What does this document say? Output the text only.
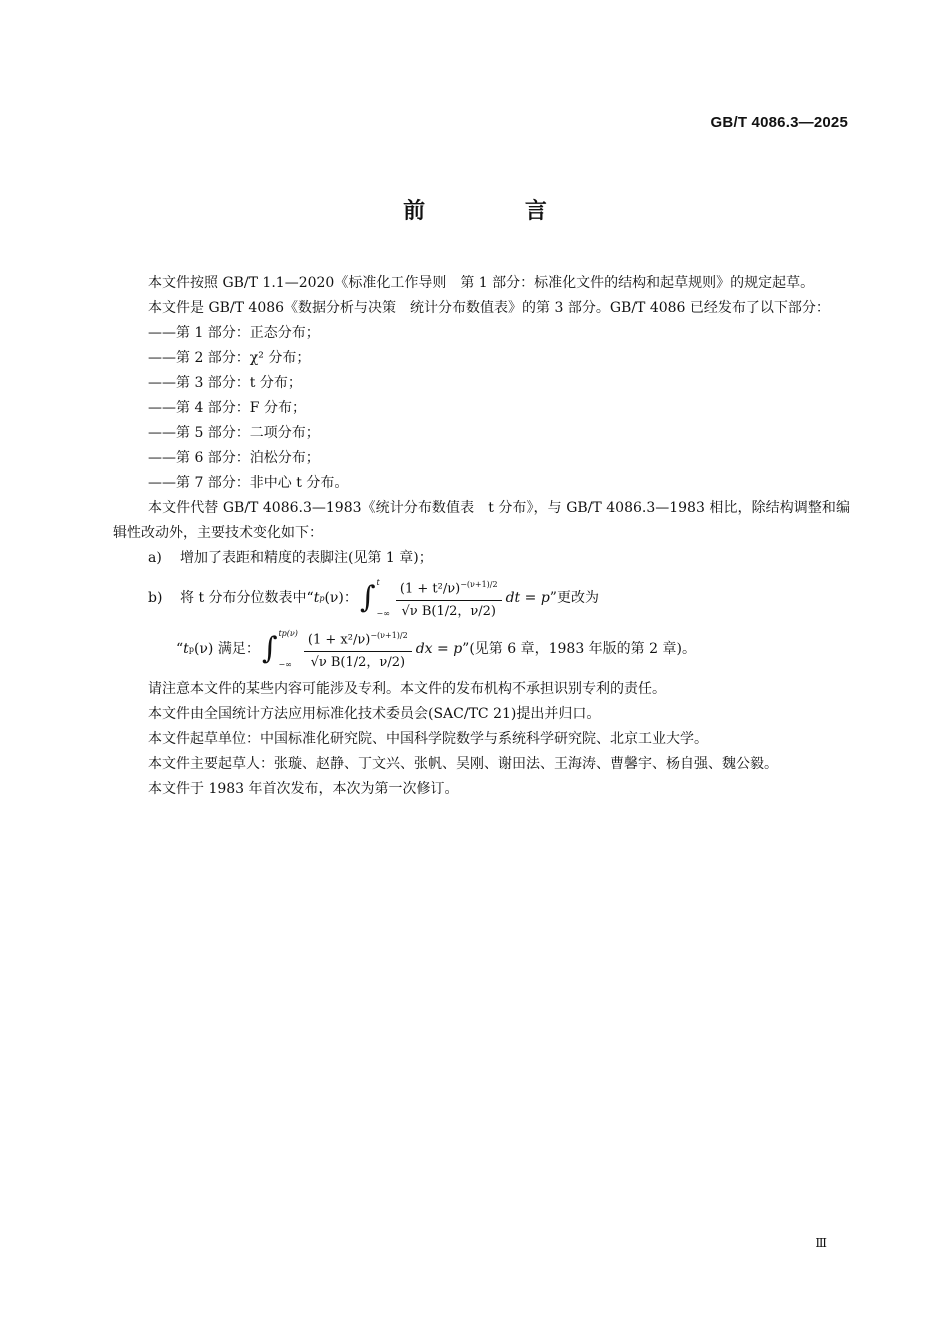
GB/T 4086.3—2025
前 言

本文件按照 GB/T 1.1—2020《标准化工作导则　第 1 部分：标准化文件的结构和起草规则》的规定起草。

本文件是 GB/T 4086《数据分析与决策　统计分布数值表》的第 3 部分。GB/T 4086 已经发布了以下部分：

——第 1 部分：正态分布；

——第 2 部分：χ² 分布；

——第 3 部分：t 分布；

——第 4 部分：F 分布；

——第 5 部分：二项分布；

——第 6 部分：泊松分布；

——第 7 部分：非中心 t 分布。

本文件代替 GB/T 4086.3—1983《统计分布数值表　t 分布》，与 GB/T 4086.3—1983 相比，除结构调整和编辑性改动外，主要技术变化如下：

a) 增加了表距和精度的表脚注(见第 1 章)；

b)	将 t 分布分位数表中“ t p (ν)： ∫ t
−∞ $\frac{(1 + t^2/\nu)^{-(\nu+1)/2}}{\text{√ν B(1/2，ν/2)}}$ dt = p ”更改为
“ t p (ν) 满足： ∫ tp(ν)
−∞ $\frac{(1 + x^2/\nu)^{-(\nu+1)/2}}{\text{√ν B(1/2，ν/2)}}$ dx = p ”(见第 6 章，1983 年版的第 2 章)。

请注意本文件的某些内容可能涉及专利。本文件的发布机构不承担识别专利的责任。

本文件由全国统计方法应用标准化技术委员会(SAC/TC 21)提出并归口。

本文件起草单位：中国标准化研究院、中国科学院数学与系统科学研究院、北京工业大学。

本文件主要起草人：张璇、赵静、丁文兴、张帆、吴刚、谢田法、王海涛、曹馨宇、杨自强、魏公毅。

本文件于 1983 年首次发布，本次为第一次修订。

Ⅲ
